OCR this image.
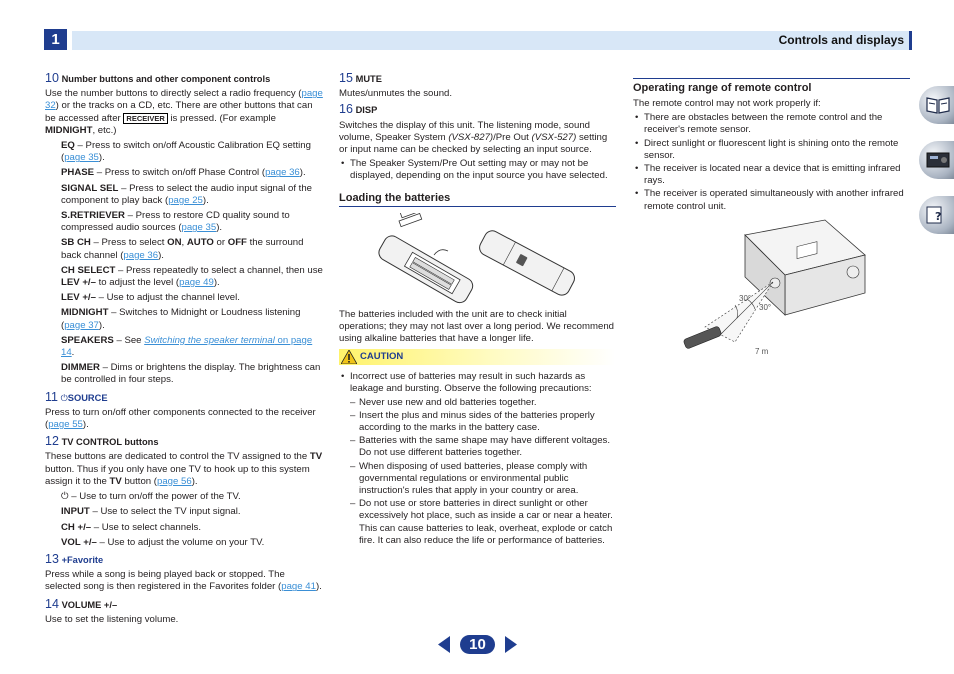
1	Controls and displays
10 Number buttons and other component controls
Use the number buttons to directly select a radio frequency (page 32) or the tracks on a CD, etc. There are other buttons that can be accessed after RECEIVER is pressed. (For example MIDNIGHT, etc.)
EQ – Press to switch on/off Acoustic Calibration EQ setting (page 35).
PHASE – Press to switch on/off Phase Control (page 36).
SIGNAL SEL – Press to select the audio input signal of the component to play back (page 25).
S.RETRIEVER – Press to restore CD quality sound to compressed audio sources (page 35).
SB CH – Press to select ON, AUTO or OFF the surround back channel (page 36).
CH SELECT – Press repeatedly to select a channel, then use LEV +/– to adjust the level (page 49).
LEV +/– – Use to adjust the channel level.
MIDNIGHT – Switches to Midnight or Loudness listening (page 37).
SPEAKERS – See Switching the speaker terminal on page 14.
DIMMER – Dims or brightens the display. The brightness can be controlled in four steps.
11 ⏻SOURCE
Press to turn on/off other components connected to the receiver (page 55).
12 TV CONTROL buttons
These buttons are dedicated to control the TV assigned to the TV button. Thus if you only have one TV to hook up to this system assign it to the TV button (page 56).
⏻ – Use to turn on/off the power of the TV.
INPUT – Use to select the TV input signal.
CH +/– – Use to select channels.
VOL +/– – Use to adjust the volume on your TV.
13 +Favorite
Press while a song is being played back or stopped. The selected song is then registered in the Favorites folder (page 41).
14 VOLUME +/–
Use to set the listening volume.
15 MUTE
Mutes/unmutes the sound.
16 DISP
Switches the display of this unit. The listening mode, sound volume, Speaker System (VSX-827)/Pre Out (VSX-527) setting or input name can be checked by selecting an input source.
• The Speaker System/Pre Out setting may or may not be displayed, depending on the input source you have selected.
Loading the batteries
The batteries included with the unit are to check initial operations; they may not last over a long period. We recommend using alkaline batteries that have a longer life.
CAUTION
• Incorrect use of batteries may result in such hazards as leakage and bursting. Observe the following precautions:
– Never use new and old batteries together.
– Insert the plus and minus sides of the batteries properly according to the marks in the battery case.
– Batteries with the same shape may have different voltages. Do not use different batteries together.
– When disposing of used batteries, please comply with governmental regulations or environmental public instruction's rules that apply in your country or area.
– Do not use or store batteries in direct sunlight or other excessively hot place, such as inside a car or near a heater. This can cause batteries to leak, overheat, explode or catch fire. It can also reduce the life or performance of batteries.
Operating range of remote control
The remote control may not work properly if:
• There are obstacles between the remote control and the receiver's remote sensor.
• Direct sunlight or fluorescent light is shining onto the remote sensor.
• The receiver is located near a device that is emitting infrared rays.
• The receiver is operated simultaneously with another infrared remote control unit.
30°
30°
7 m
?
10
